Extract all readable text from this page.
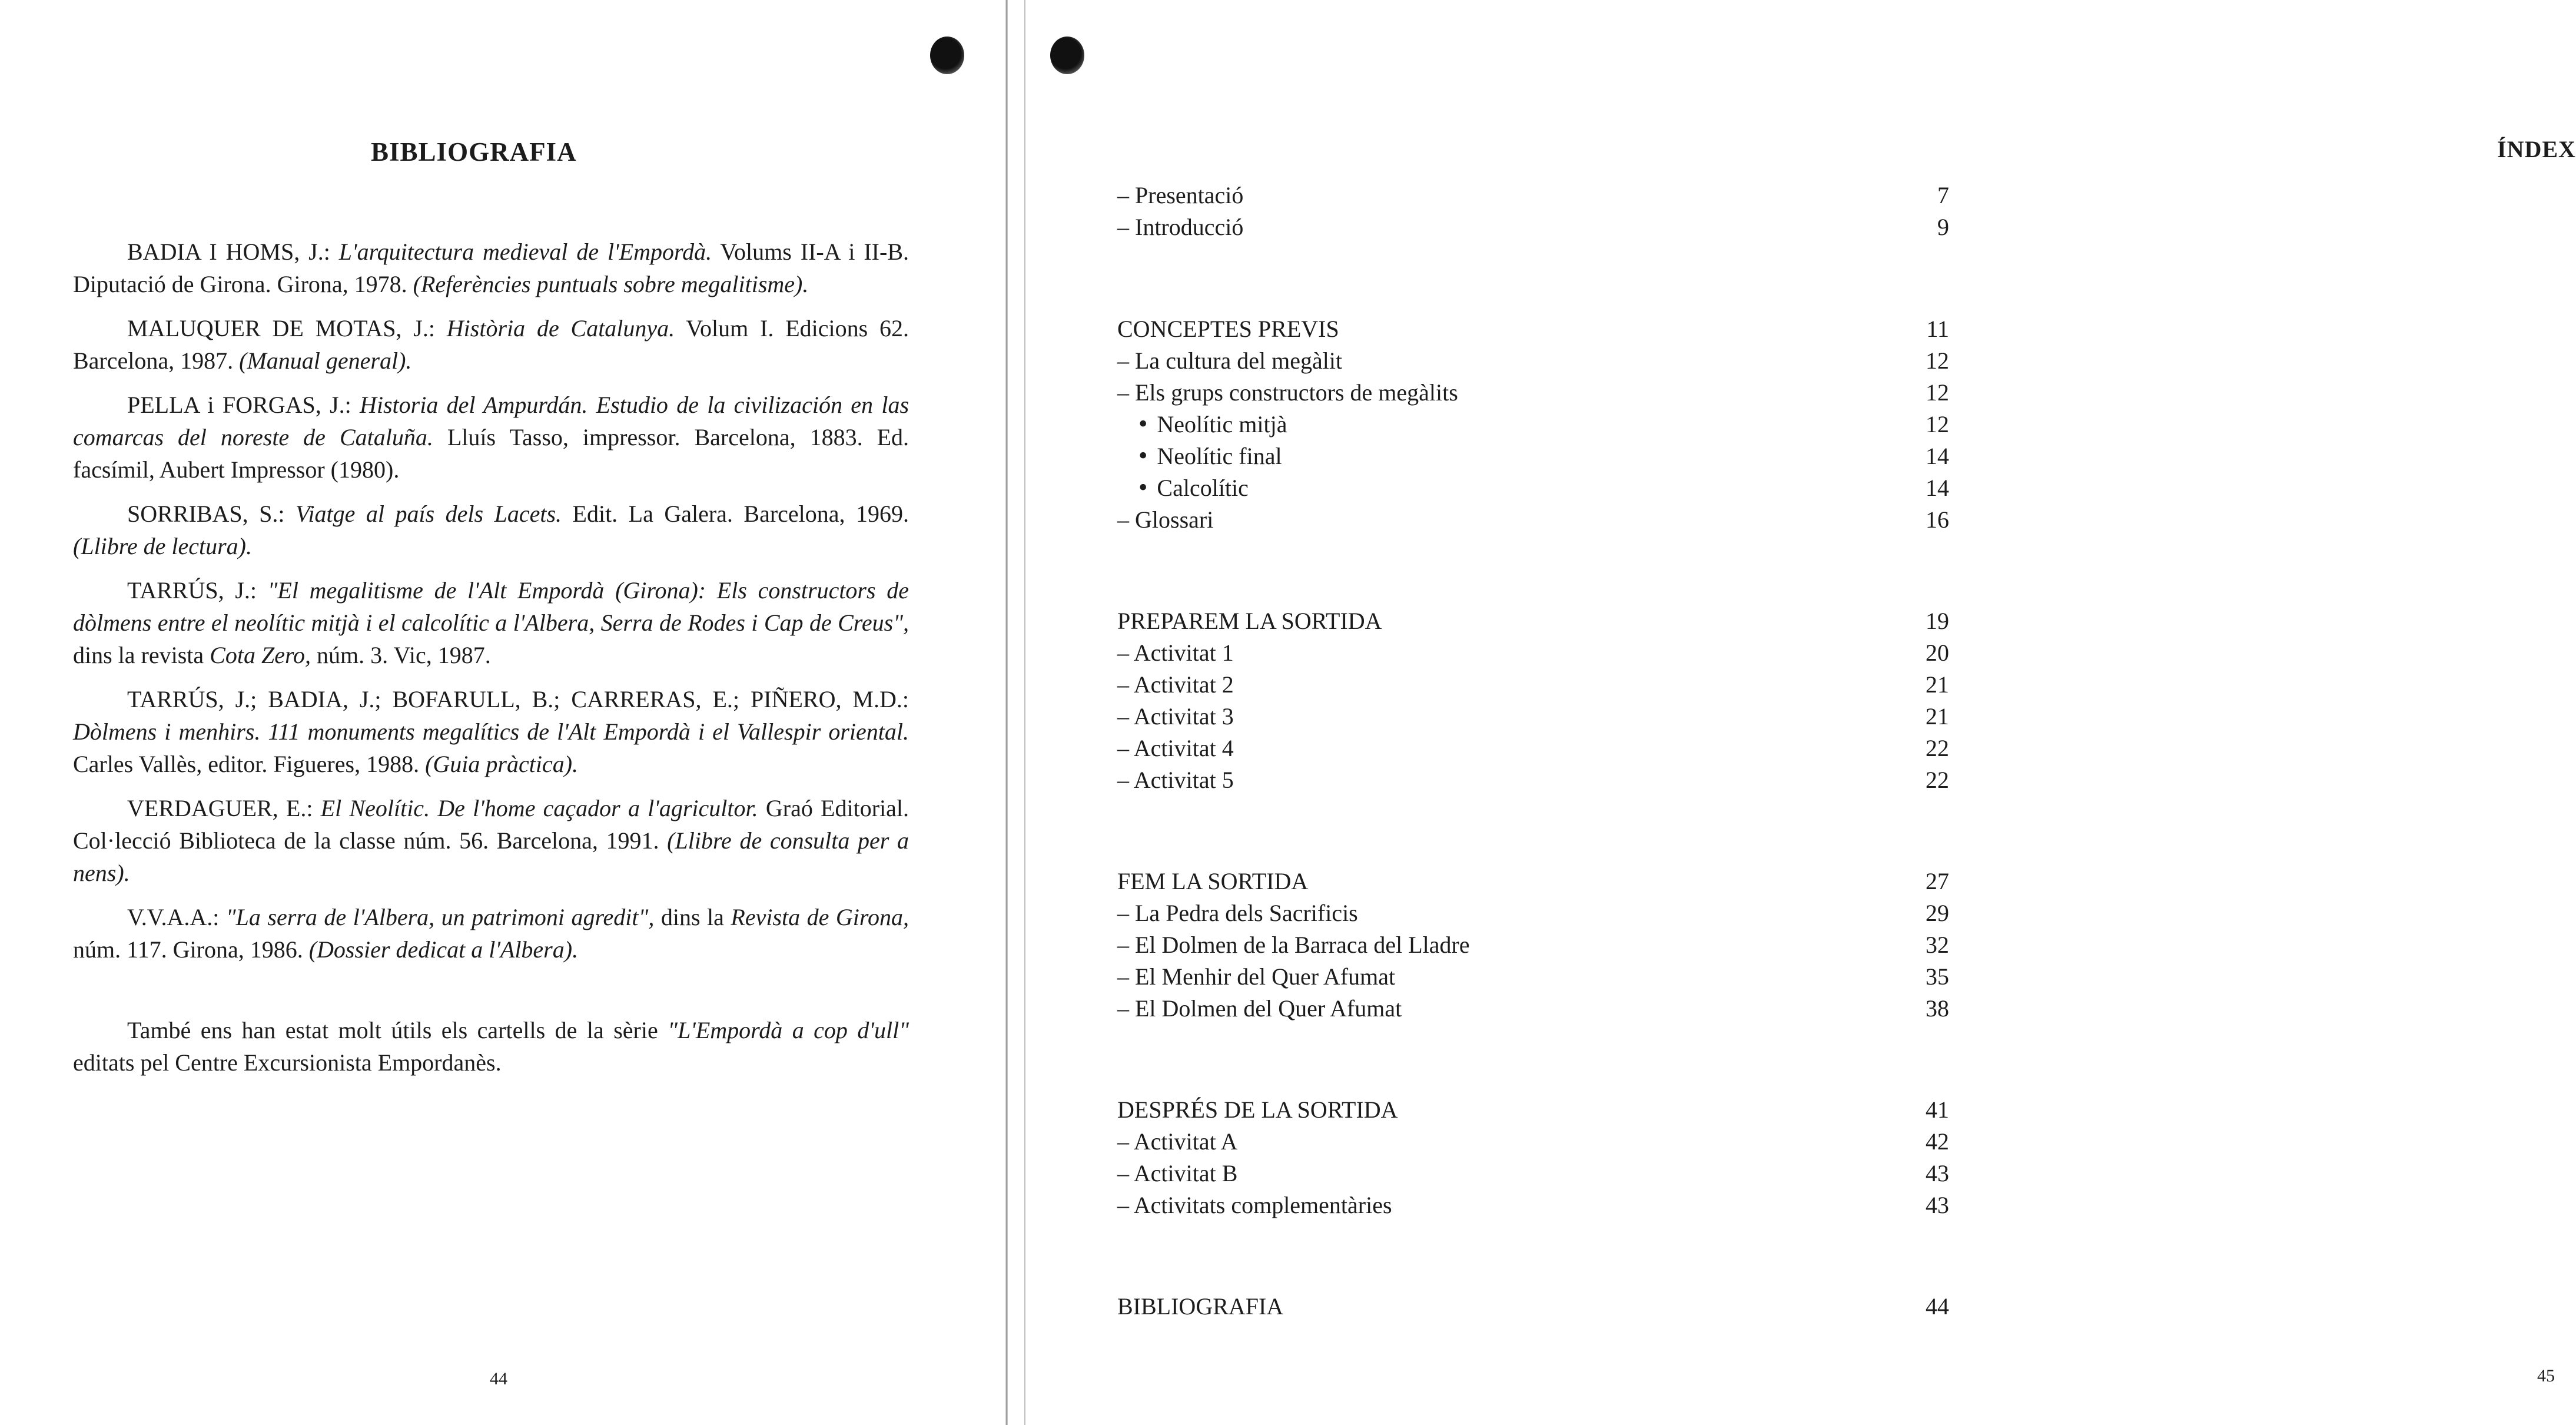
BIBLIOGRAFIA

BADIA I HOMS, J.: L'arquitectura medieval de l'Empordà. Volums II-A i II-B. Diputació de Girona. Girona, 1978. (Referències puntuals sobre megalitisme).

MALUQUER DE MOTAS, J.: Història de Catalunya. Volum I. Edicions 62. Barcelona, 1987. (Manual general).

PELLA i FORGAS, J.: Historia del Ampurdán. Estudio de la civilización en las comarcas del noreste de Cataluña. Lluís Tasso, impressor. Barcelona, 1883. Ed. facsímil, Aubert Impressor (1980).

SORRIBAS, S.: Viatge al país dels Lacets. Edit. La Galera. Barcelona, 1969. (Llibre de lectura).

TARRÚS, J.: "El megalitisme de l'Alt Empordà (Girona): Els constructors de dòlmens entre el neolític mitjà i el calcolític a l'Albera, Serra de Rodes i Cap de Creus", dins la revista Cota Zero, núm. 3. Vic, 1987.

TARRÚS, J.; BADIA, J.; BOFARULL, B.; CARRERAS, E.; PIÑERO, M.D.: Dòlmens i menhirs. 111 monuments megalítics de l'Alt Empordà i el Vallespir oriental. Carles Vallès, editor. Figueres, 1988. (Guia pràctica).

VERDAGUER, E.: El Neolític. De l'home caçador a l'agricultor. Graó Editorial. Col·lecció Biblioteca de la classe núm. 56. Barcelona, 1991. (Llibre de consulta per a nens).

V.V.A.A.: "La serra de l'Albera, un patrimoni agredit", dins la Revista de Girona, núm. 117. Girona, 1986. (Dossier dedicat a l'Albera).

També ens han estat molt útils els cartells de la sèrie "L'Empordà a cop d'ull" editats pel Centre Excursionista Empordanès.

44
ÍNDEX
45
– Presentació	7
– Introducció	9
CONCEPTES PREVIS	11
– La cultura del megàlit	12
– Els grups constructors de megàlits	12
• Neolític mitjà	12
• Neolític final	14
• Calcolític	14
– Glossari	16
PREPAREM LA SORTIDA	19
– Activitat 1	20
– Activitat 2	21
– Activitat 3	21
– Activitat 4	22
– Activitat 5	22
FEM LA SORTIDA	27
– La Pedra dels Sacrificis	29
– El Dolmen de la Barraca del Lladre	32
– El Menhir del Quer Afumat	35
– El Dolmen del Quer Afumat	38
DESPRÉS DE LA SORTIDA	41
– Activitat A	42
– Activitat B	43
– Activitats complementàries	43
BIBLIOGRAFIA	44
